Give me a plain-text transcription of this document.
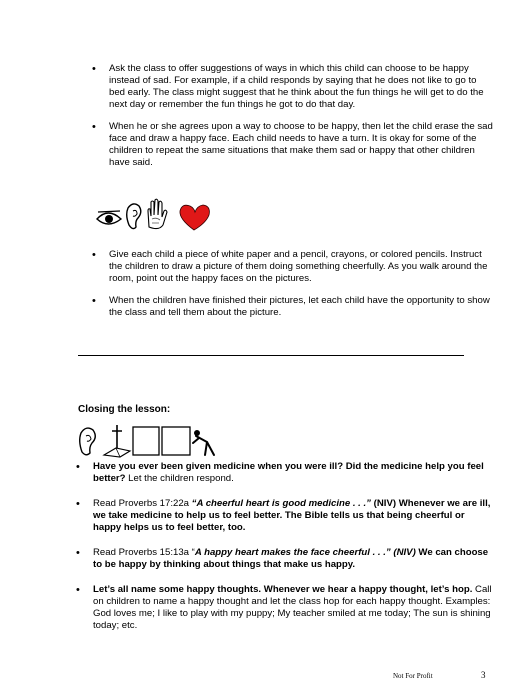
• Ask the class to offer suggestions of ways in which this child can choose to be happy instead of sad. For example, if a child responds by saying that he does not like to go to bed early. The class might suggest that he think about the fun things he will get to do the next day or remember the fun things he got to do that day.
• When he or she agrees upon a way to choose to be happy, then let the child erase the sad face and draw a happy face. Each child needs to have a turn. It is okay for some of the children to repeat the same situations that make them sad or happy that other children have said.
• Give each child a piece of white paper and a pencil, crayons, or colored pencils. Instruct the children to draw a picture of them doing something cheerfully. As you walk around the room, point out the happy faces on the pictures.
• When the children have finished their pictures, let each child have the opportunity to show the class and tell them about the picture.
Closing the lesson:
• Have you ever been given medicine when you were ill? Did the medicine help you feel better? Let the children respond.
• Read Proverbs 17:22a “A cheerful heart is good medicine . . .” (NIV) Whenever we are ill, we take medicine to help us to feel better. The Bible tells us that being cheerful or happy helps us to feel better, too.
• Read Proverbs 15:13a “A happy heart makes the face cheerful . . .” (NIV) We can choose to be happy by thinking about things that make us happy.
• Let’s all name some happy thoughts. Whenever we hear a happy thought, let’s hop. Call on children to name a happy thought and let the class hop for each happy thought. Examples: God loves me; I like to play with my puppy; My teacher smiled at me today; The sun is shining today; etc.
Not For Profit	3
